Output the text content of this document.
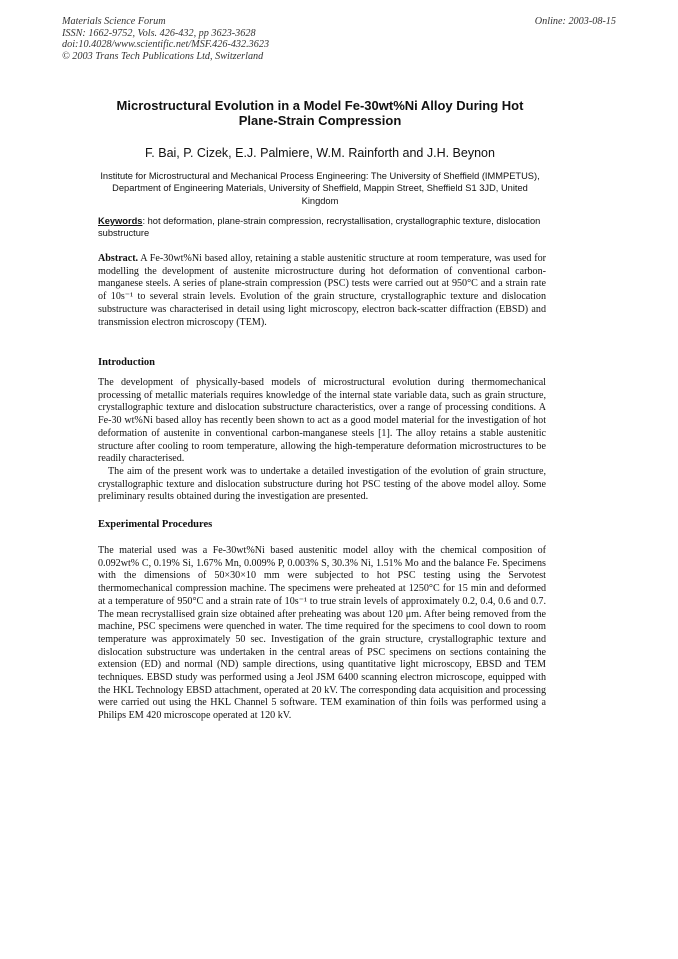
Materials Science Forum
ISSN: 1662-9752, Vols. 426-432, pp 3623-3628
doi:10.4028/www.scientific.net/MSF.426-432.3623
© 2003 Trans Tech Publications Ltd, Switzerland
Online: 2003-08-15
Microstructural Evolution in a Model Fe-30wt%Ni Alloy During Hot Plane-Strain Compression
F. Bai, P. Cizek, E.J. Palmiere, W.M. Rainforth and J.H. Beynon
Institute for Microstructural and Mechanical Process Engineering: The University of Sheffield (IMMPETUS), Department of Engineering Materials, University of Sheffield, Mappin Street, Sheffield S1 3JD, United Kingdom
Keywords: hot deformation, plane-strain compression, recrystallisation, crystallographic texture, dislocation substructure
Abstract. A Fe-30wt%Ni based alloy, retaining a stable austenitic structure at room temperature, was used for modelling the development of austenite microstructure during hot deformation of conventional carbon-manganese steels. A series of plane-strain compression (PSC) tests were carried out at 950°C and a strain rate of 10s⁻¹ to several strain levels. Evolution of the grain structure, crystallographic texture and dislocation substructure was characterised in detail using light microscopy, electron back-scatter diffraction (EBSD) and transmission electron microscopy (TEM).
Introduction
The development of physically-based models of microstructural evolution during thermomechanical processing of metallic materials requires knowledge of the internal state variable data, such as grain structure, crystallographic texture and dislocation substructure characteristics, over a range of processing conditions. A Fe-30 wt%Ni based alloy has recently been shown to act as a good model material for the investigation of hot deformation of austenite in conventional carbon-manganese steels [1]. The alloy retains a stable austenitic structure after cooling to room temperature, allowing the high-temperature deformation microstructures to be readily characterised.
The aim of the present work was to undertake a detailed investigation of the evolution of grain structure, crystallographic texture and dislocation substructure during hot PSC testing of the above model alloy. Some preliminary results obtained during the investigation are presented.
Experimental Procedures
The material used was a Fe-30wt%Ni based austenitic model alloy with the chemical composition of 0.092wt% C, 0.19% Si, 1.67% Mn, 0.009% P, 0.003% S, 30.3% Ni, 1.51% Mo and the balance Fe. Specimens with the dimensions of 50×30×10 mm were subjected to hot PSC testing using the Servotest thermomechanical compression machine. The specimens were preheated at 1250°C for 15 min and deformed at a temperature of 950°C and a strain rate of 10s⁻¹ to true strain levels of approximately 0.2, 0.4, 0.6 and 0.7. The mean recrystallised grain size obtained after preheating was about 120 μm. After being removed from the machine, PSC specimens were quenched in water. The time required for the specimens to cool down to room temperature was approximately 50 sec. Investigation of the grain structure, crystallographic texture and dislocation substructure was undertaken in the central areas of PSC specimens on sections containing the extension (ED) and normal (ND) sample directions, using quantitative light microscopy, EBSD and TEM techniques. EBSD study was performed using a Jeol JSM 6400 scanning electron microscope, equipped with the HKL Technology EBSD attachment, operated at 20 kV. The corresponding data acquisition and processing were carried out using the HKL Channel 5 software. TEM examination of thin foils was performed using a Philips EM 420 microscope operated at 120 kV.
